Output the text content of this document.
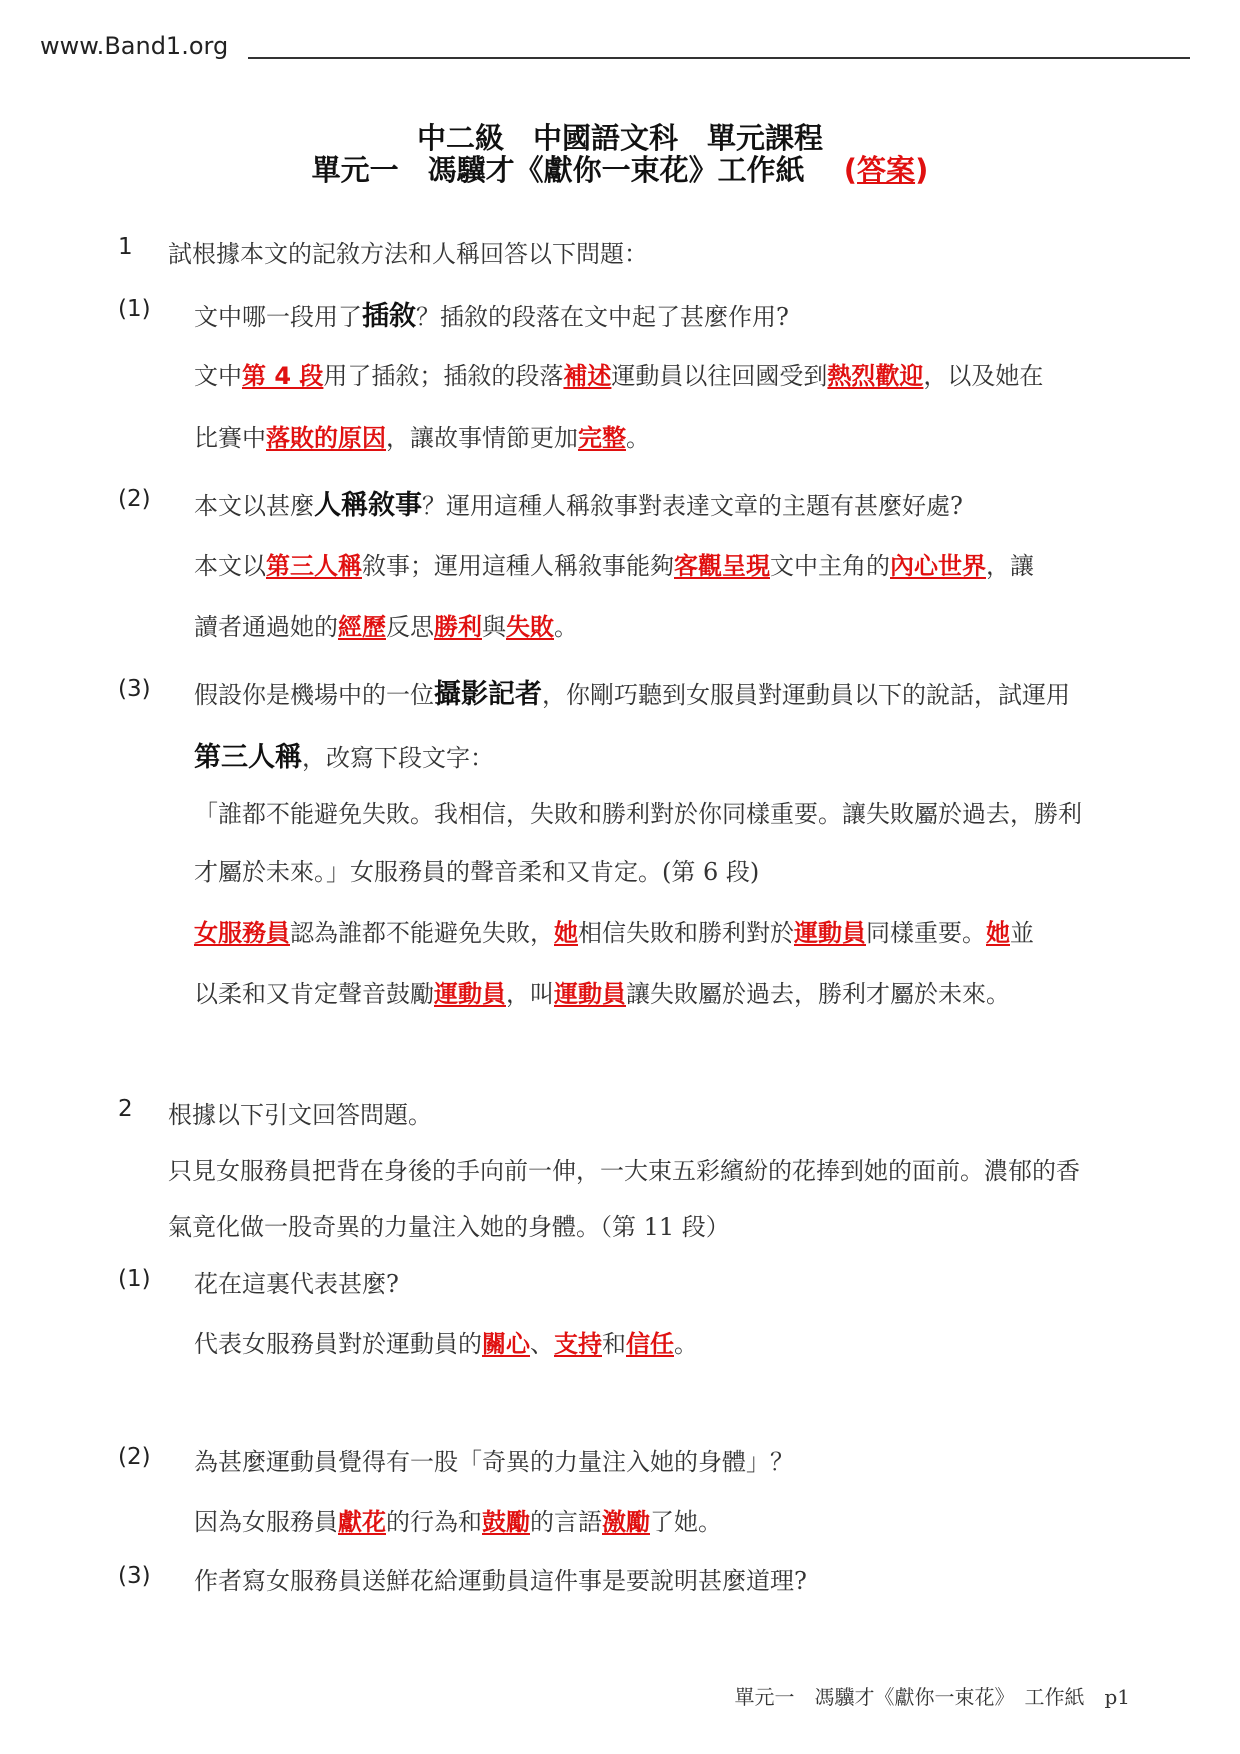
www.Band1.org
中二級　中國語文科　單元課程
單元一　馮驥才《獻你一束花》工作紙　 (答案)
1 試根據本文的記敘方法和人稱回答以下問題：
(1) 文中哪一段用了插敘？插敘的段落在文中起了甚麼作用?
文中第 4 段用了插敘；插敘的段落補述運動員以往回國受到熱烈歡迎，以及她在
比賽中落敗的原因，讓故事情節更加完整。
(2) 本文以甚麼人稱敘事？運用這種人稱敘事對表達文章的主題有甚麼好處?
本文以第三人稱敘事；運用這種人稱敘事能夠客觀呈現文中主角的內心世界，讓
讀者通過她的經歷反思勝利與失敗。
(3) 假設你是機場中的一位攝影記者，你剛巧聽到女服員對運動員以下的說話，試運用
第三人稱，改寫下段文字：
「誰都不能避免失敗。我相信，失敗和勝利對於你同樣重要。讓失敗屬於過去，勝利
才屬於未來。」女服務員的聲音柔和又肯定。(第 6 段)
女服務員認為誰都不能避免失敗，她相信失敗和勝利對於運動員同樣重要。她並
以柔和又肯定聲音鼓勵運動員，叫運動員讓失敗屬於過去，勝利才屬於未來。
2 根據以下引文回答問題。
只見女服務員把背在身後的手向前一伸，一大束五彩繽紛的花捧到她的面前。濃郁的香
氣竟化做一股奇異的力量注入她的身體。（第 11 段）
(1) 花在這裏代表甚麼?
代表女服務員對於運動員的關心、支持和信任。
(2) 為甚麼運動員覺得有一股「奇異的力量注入她的身體」？
因為女服務員獻花的行為和鼓勵的言語激勵了她。
(3) 作者寫女服務員送鮮花給運動員這件事是要說明甚麼道理?
單元一　馮驥才《獻你一束花》　工作紙　p1
